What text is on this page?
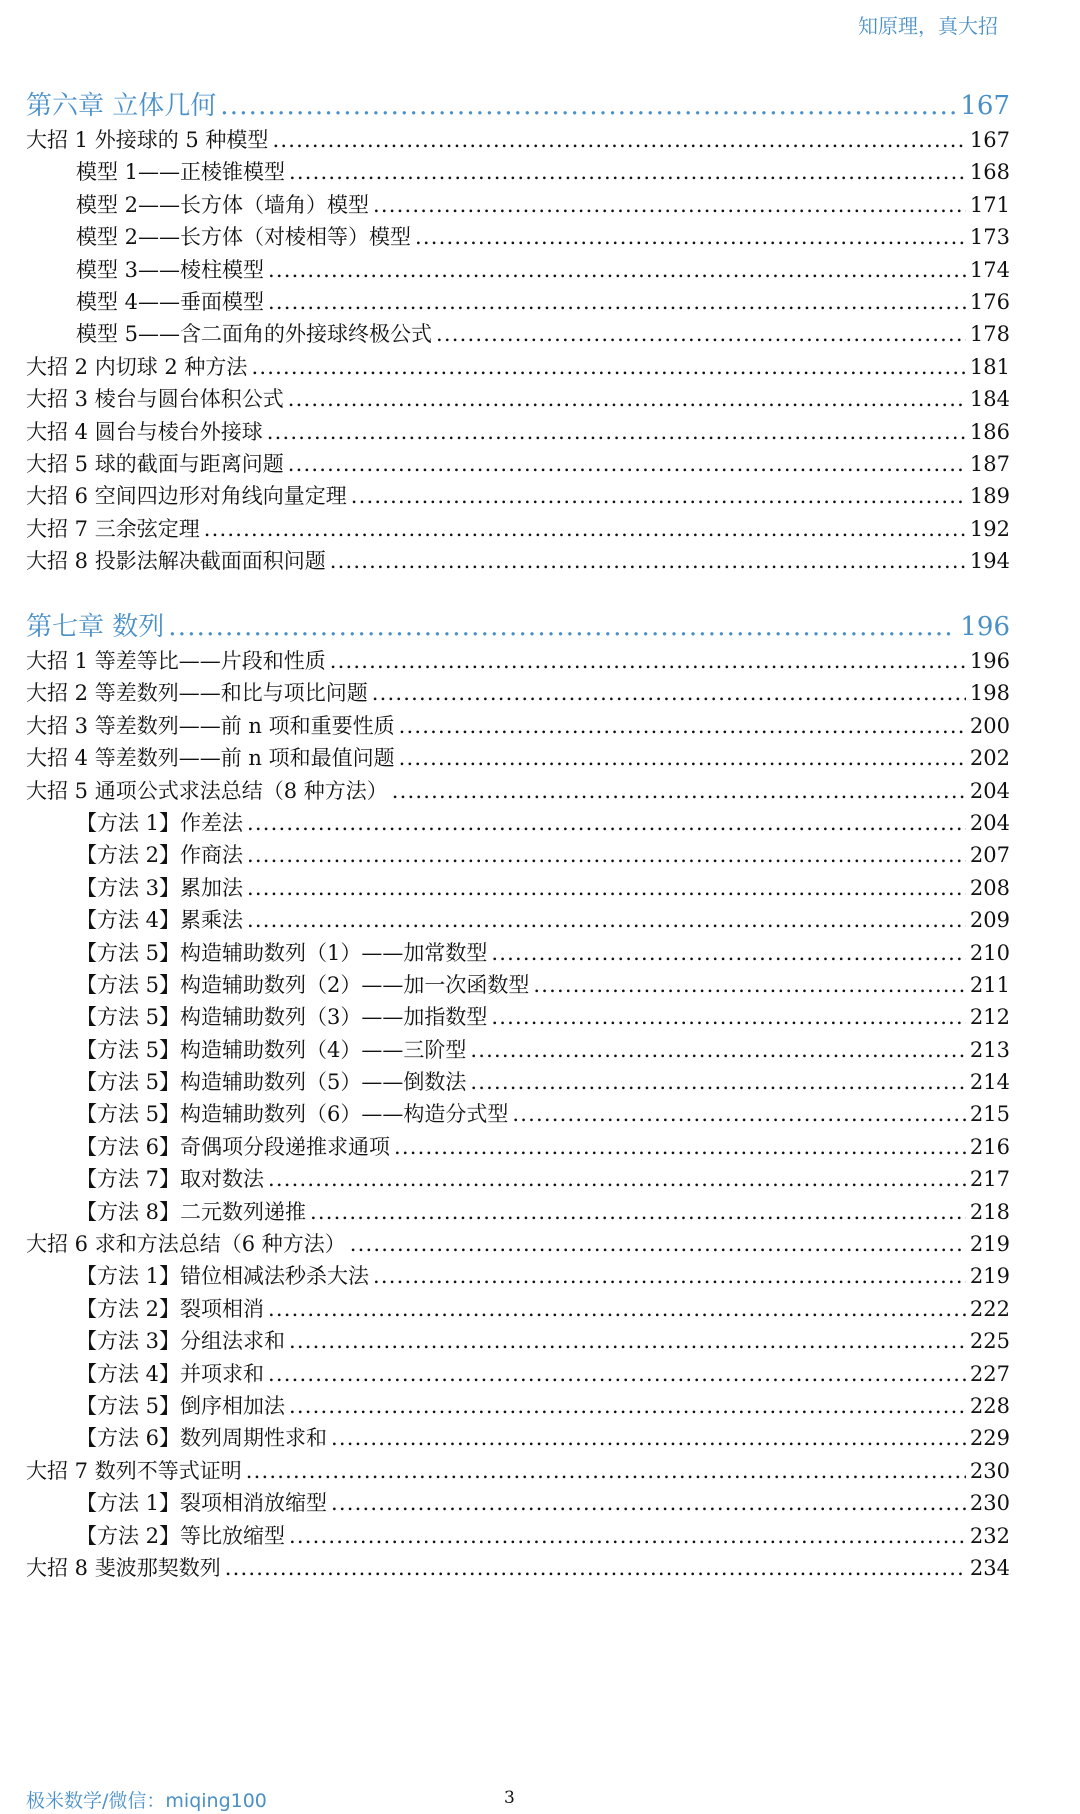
知原理，真大招
第六章 立体几何 .....	167
大招 1 外接球的 5 种模型 .....	167
模型 1——正棱锥模型 .....	168
模型 2——长方体（墙角）模型 .....	171
模型 2——长方体（对棱相等）模型 .....	173
模型 3——棱柱模型 .....	174
模型 4——垂面模型 .....	176
模型 5——含二面角的外接球终极公式 .....	178
大招 2 内切球 2 种方法 .....	181
大招 3 棱台与圆台体积公式 .....	184
大招 4 圆台与棱台外接球 .....	186
大招 5 球的截面与距离问题 .....	187
大招 6 空间四边形对角线向量定理 .....	189
大招 7 三余弦定理 .....	192
大招 8 投影法解决截面面积问题 .....	194
第七章 数列 .....	196
大招 1 等差等比——片段和性质 .....	196
大招 2 等差数列——和比与项比问题 .....	198
大招 3 等差数列——前 n 项和重要性质 .....	200
大招 4 等差数列——前 n 项和最值问题 .....	202
大招 5 通项公式求法总结（8 种方法） .....	204
【方法 1】作差法 .....	204
【方法 2】作商法 .....	207
【方法 3】累加法 .....	208
【方法 4】累乘法 .....	209
【方法 5】构造辅助数列（1）——加常数型 .....	210
【方法 5】构造辅助数列（2）——加一次函数型 .....	211
【方法 5】构造辅助数列（3）——加指数型 .....	212
【方法 5】构造辅助数列（4）——三阶型 .....	213
【方法 5】构造辅助数列（5）——倒数法 .....	214
【方法 5】构造辅助数列（6）——构造分式型 .....	215
【方法 6】奇偶项分段递推求通项 .....	216
【方法 7】取对数法 .....	217
【方法 8】二元数列递推 .....	218
大招 6 求和方法总结（6 种方法） .....	219
【方法 1】错位相减法秒杀大法 .....	219
【方法 2】裂项相消 .....	222
【方法 3】分组法求和 .....	225
【方法 4】并项求和 .....	227
【方法 5】倒序相加法 .....	228
【方法 6】数列周期性求和 .....	229
大招 7 数列不等式证明 .....	230
【方法 1】裂项相消放缩型 .....	230
【方法 2】等比放缩型 .....	232
大招 8 斐波那契数列 .....	234
极米数学/微信：miqing100	3
